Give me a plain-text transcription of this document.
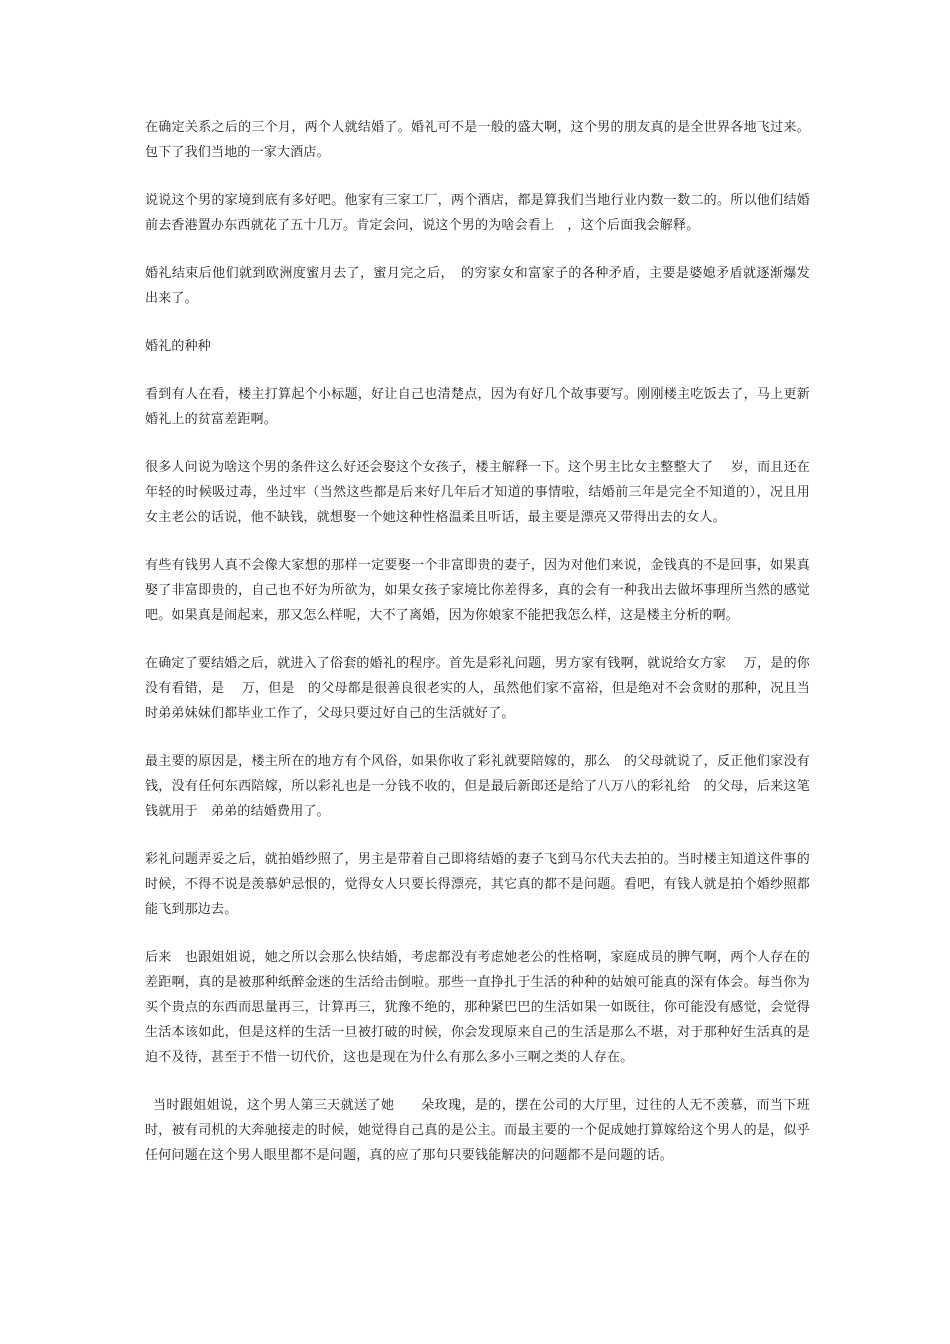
在确定关系之后的三个月，两个人就结婚了。婚礼可不是一般的盛大啊，这个男的朋友真的是全世界各地飞过来。包下了我们当地的一家大酒店。

说说这个男的家境到底有多好吧。他家有三家工厂，两个酒店，都是算我们当地行业内数一数二的。所以他们结婚前去香港置办东西就花了五十几万。肯定会问，说这个男的为啥会看上　，这个后面我会解释。

婚礼结束后他们就到欧洲度蜜月去了，蜜月完之后，　的穷家女和富家子的各种矛盾，主要是婆媳矛盾就逐渐爆发出来了。

婚礼的种种

看到有人在看，楼主打算起个小标题，好让自己也清楚点，因为有好几个故事要写。刚刚楼主吃饭去了，马上更新婚礼上的贫富差距啊。

很多人问说为啥这个男的条件这么好还会娶这个女孩子，楼主解释一下。这个男主比女主整整大了　 岁，而且还在年轻的时候吸过毒，坐过牢（当然这些都是后来好几年后才知道的事情啦，结婚前三年是完全不知道的），况且用女主老公的话说，他不缺钱，就想娶一个她这种性格温柔且听话，最主要是漂亮又带得出去的女人。

有些有钱男人真不会像大家想的那样一定要娶一个非富即贵的妻子，因为对他们来说，金钱真的不是回事，如果真娶了非富即贵的，自己也不好为所欲为，如果女孩子家境比你差得多，真的会有一种我出去做坏事理所当然的感觉吧。如果真是闹起来，那又怎么样呢，大不了离婚，因为你娘家不能把我怎么样，这是楼主分析的啊。

在确定了要结婚之后，就进入了俗套的婚礼的程序。首先是彩礼问题，男方家有钱啊，就说给女方家　 万，是的你没有看错，是　 万，但是　的父母都是很善良很老实的人，虽然他们家不富裕，但是绝对不会贪财的那种，况且当时弟弟妹妹们都毕业工作了，父母只要过好自己的生活就好了。

最主要的原因是，楼主所在的地方有个风俗，如果你收了彩礼就要陪嫁的，那么　的父母就说了，反正他们家没有钱，没有任何东西陪嫁，所以彩礼也是一分钱不收的，但是最后新郎还是给了八万八的彩礼给　的父母，后来这笔钱就用于　弟弟的结婚费用了。

彩礼问题弄妥之后，就拍婚纱照了，男主是带着自己即将结婚的妻子飞到马尔代夫去拍的。当时楼主知道这件事的时候，不得不说是羡慕妒忌恨的，觉得女人只要长得漂亮，其它真的都不是问题。看吧，有钱人就是拍个婚纱照都能飞到那边去。

后来　也跟姐姐说，她之所以会那么快结婚，考虑都没有考虑她老公的性格啊，家庭成员的脾气啊，两个人存在的差距啊，真的是被那种纸醉金迷的生活给击倒啦。那些一直挣扎于生活的种种的姑娘可能真的深有体会。每当你为买个贵点的东西而思量再三，计算再三，犹豫不绝的，那种紧巴巴的生活如果一如既往，你可能没有感觉，会觉得生活本该如此，但是这样的生活一旦被打破的时候，你会发现原来自己的生活是那么不堪，对于那种好生活真的是迫不及待，甚至于不惜一切代价，这也是现在为什么有那么多小三啊之类的人存在。

当时跟姐姐说，这个男人第三天就送了她　　朵玫瑰，是的，摆在公司的大厅里，过往的人无不羡慕，而当下班时，被有司机的大奔驰接走的时候，她觉得自己真的是公主。而最主要的一个促成她打算嫁给这个男人的是，似乎任何问题在这个男人眼里都不是问题，真的应了那句只要钱能解决的问题都不是问题的话。
